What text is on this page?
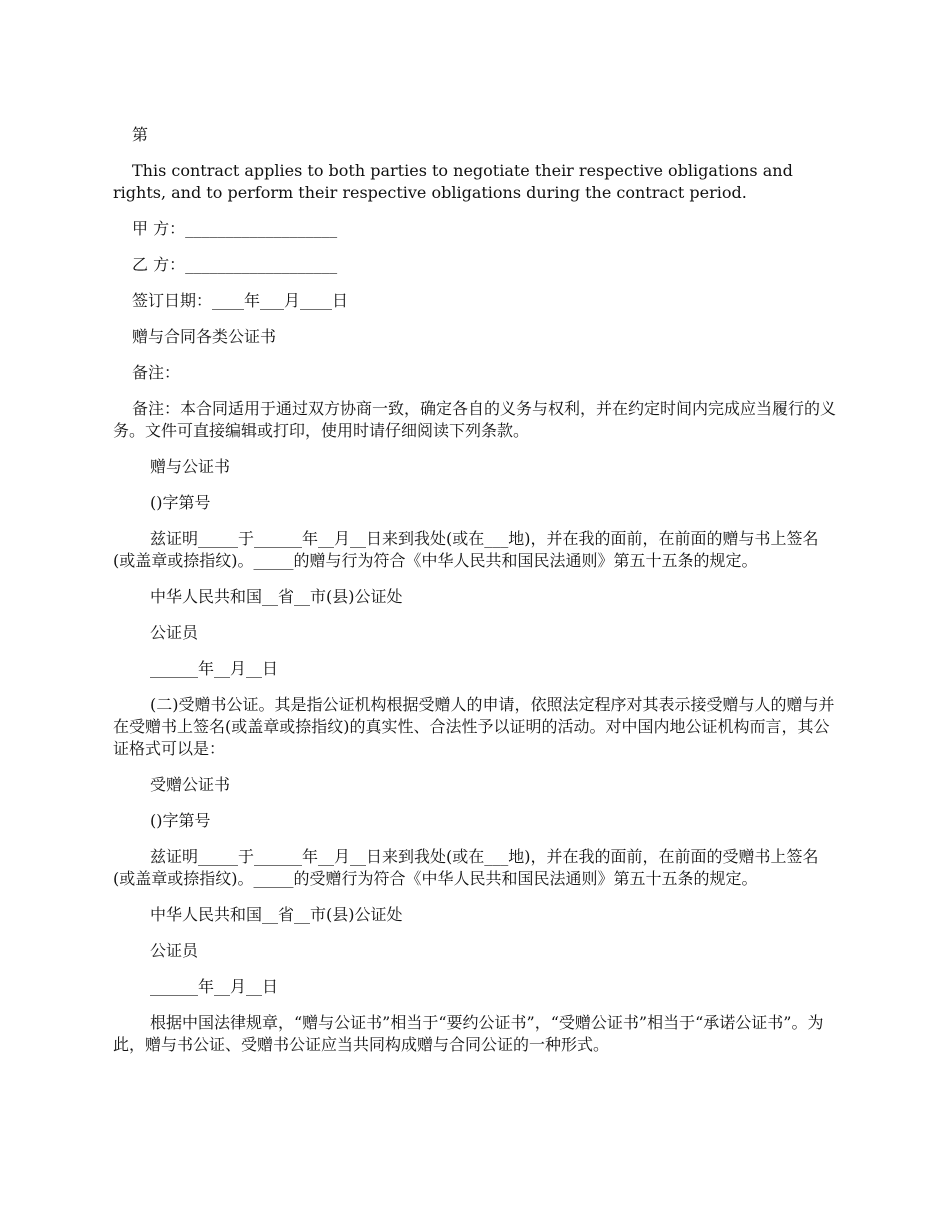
第

This contract applies to both parties to negotiate their respective obligations and rights, and to perform their respective obligations during the contract period.

甲 方：___________________

乙 方：___________________

签订日期：____年___月____日

赠与合同各类公证书

备注：

备注：本合同适用于通过双方协商一致，确定各自的义务与权利，并在约定时间内完成应当履行的义务。文件可直接编辑或打印，使用时请仔细阅读下列条款。

赠与公证书

()字第号

兹证明_____于______年__月__日来到我处(或在___地)，并在我的面前，在前面的赠与书上签名(或盖章或捺指纹)。_____的赠与行为符合《中华人民共和国民法通则》第五十五条的规定。

中华人民共和国__省__市(县)公证处

公证员

______年__月__日

(二)受赠书公证。其是指公证机构根据受赠人的申请，依照法定程序对其表示接受赠与人的赠与并在受赠书上签名(或盖章或捺指纹)的真实性、合法性予以证明的活动。对中国内地公证机构而言，其公证格式可以是：

受赠公证书

()字第号

兹证明_____于______年__月__日来到我处(或在___地)，并在我的面前，在前面的受赠书上签名(或盖章或捺指纹)。_____的受赠行为符合《中华人民共和国民法通则》第五十五条的规定。

中华人民共和国__省__市(县)公证处

公证员

______年__月__日

根据中国法律规章，“赠与公证书”相当于“要约公证书”，“受赠公证书”相当于“承诺公证书”。为此，赠与书公证、受赠书公证应当共同构成赠与合同公证的一种形式。
